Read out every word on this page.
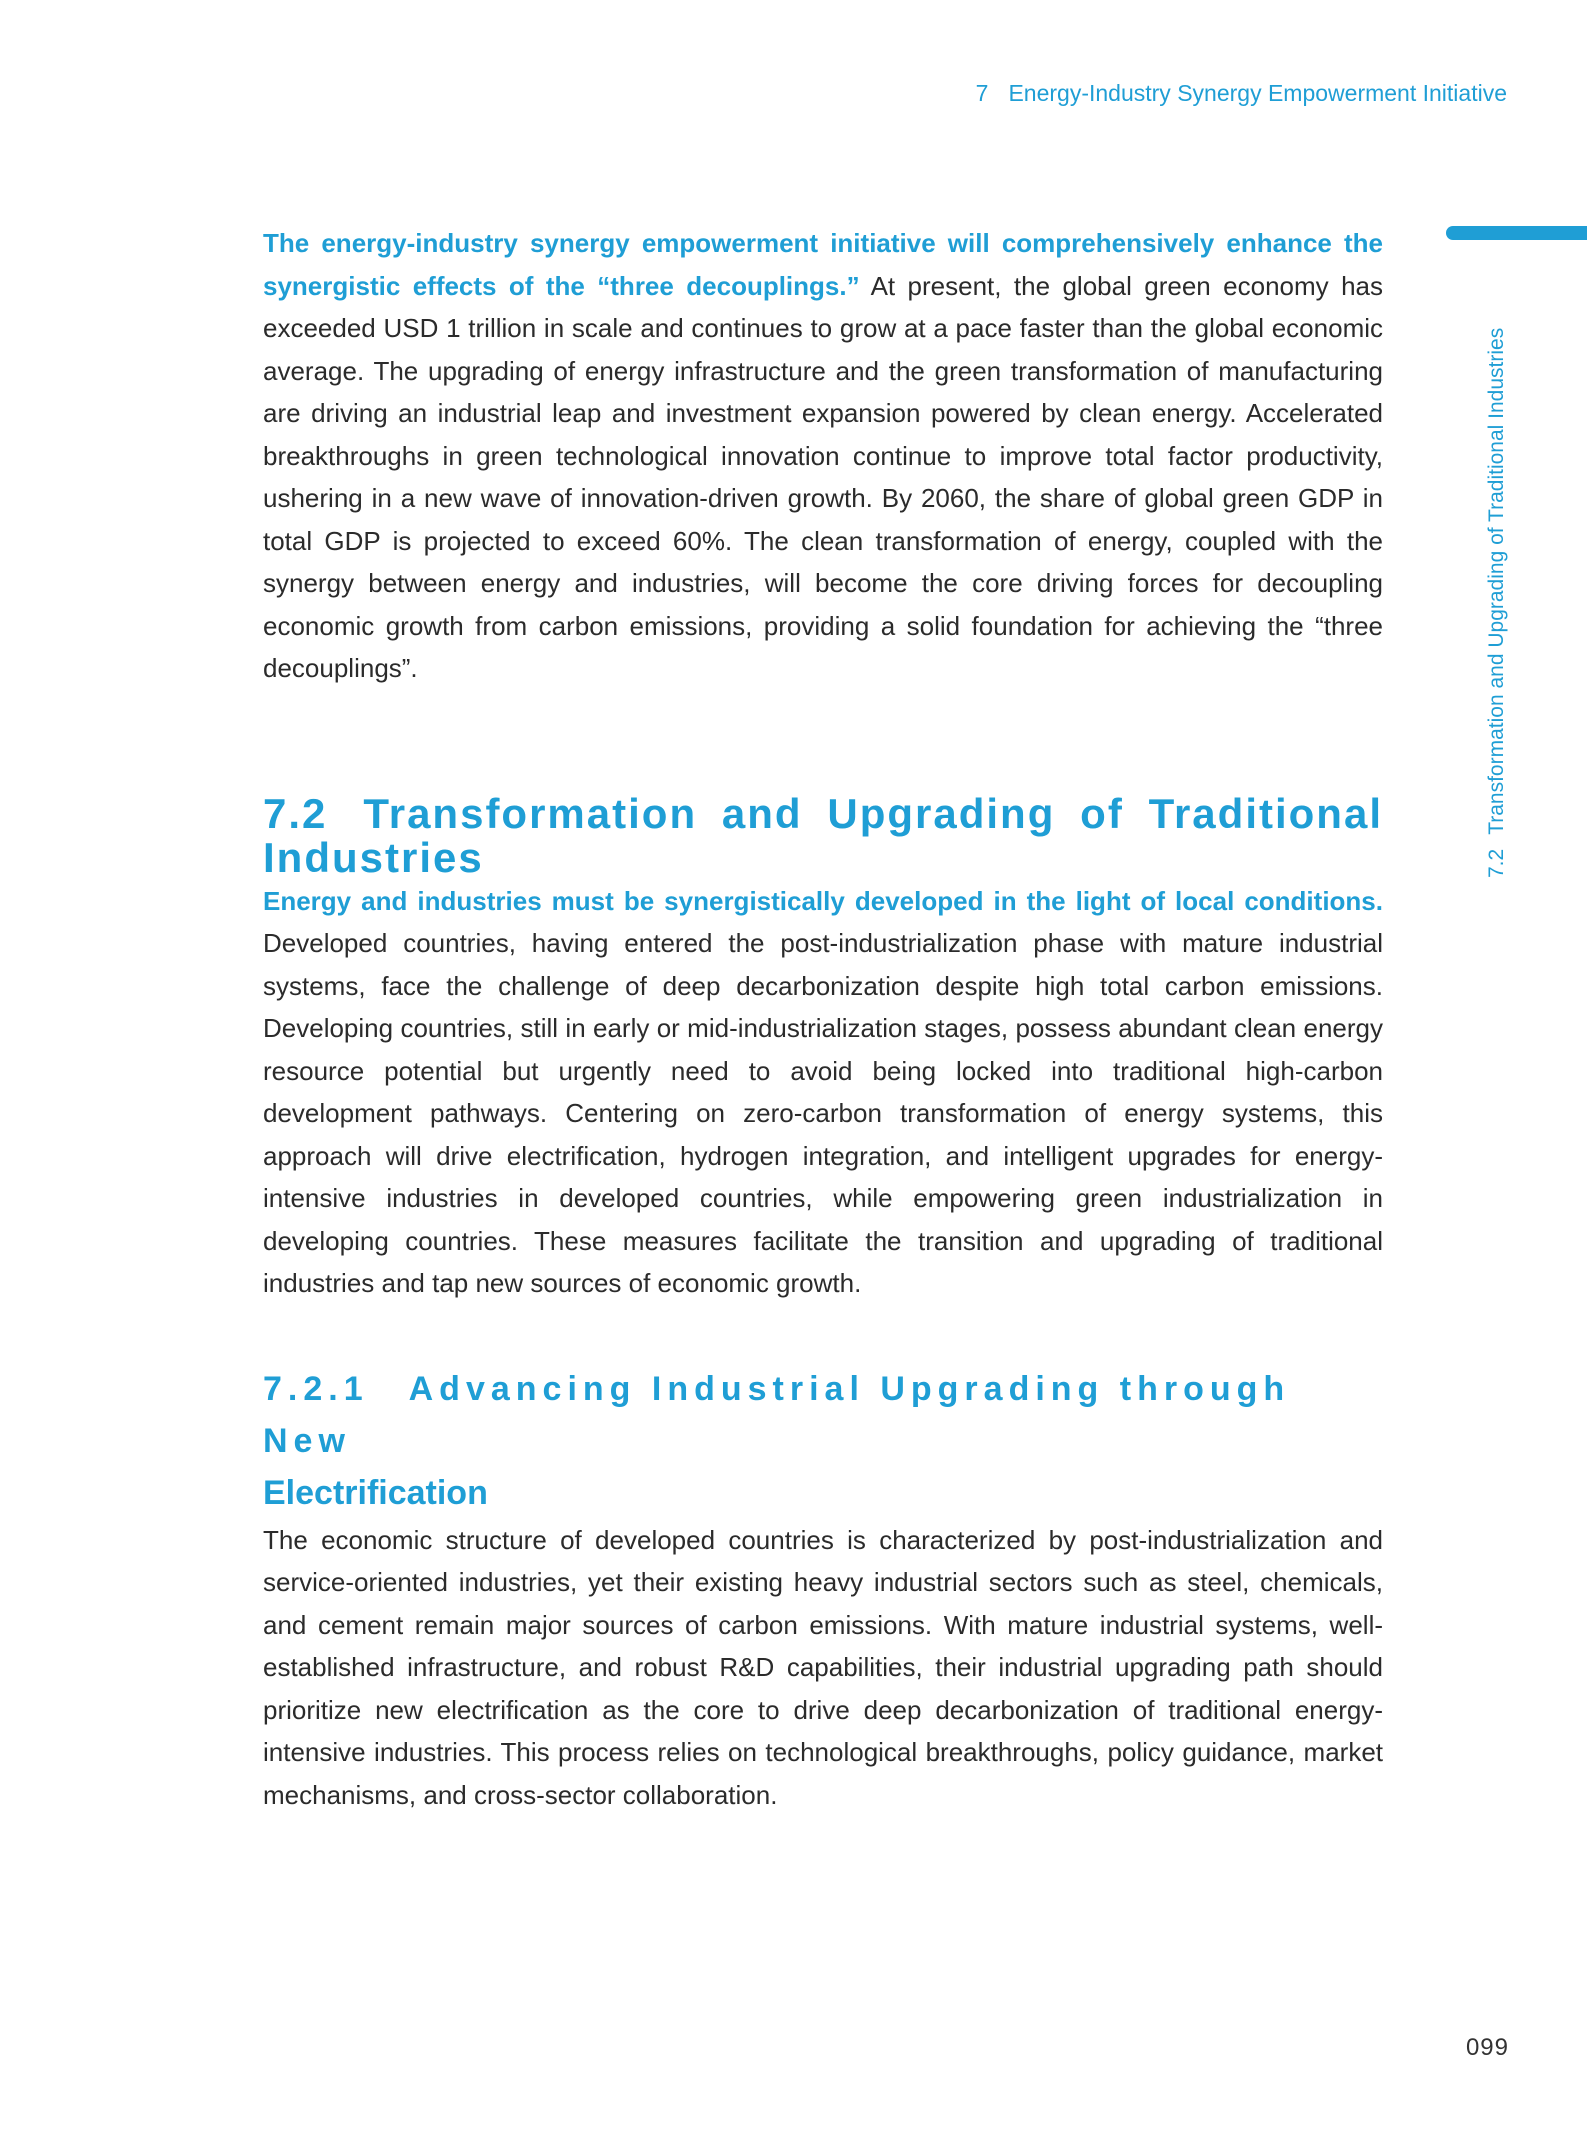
7 Energy-Industry Synergy Empowerment Initiative
7.2Transformation and Upgrading of Traditional Industries

The energy-industry synergy empowerment initiative will comprehensively enhance the synergistic effects of the “three decouplings.” At present, the global green economy has exceeded USD 1 trillion in scale and continues to grow at a pace faster than the global economic average. The upgrading of energy infrastructure and the green transformation of manufacturing are driving an industrial leap and investment expansion powered by clean energy. Accelerated breakthroughs in green technological innovation continue to improve total factor productivity, ushering in a new wave of innovation-driven growth. By 2060, the share of global green GDP in total GDP is projected to exceed 60%. The clean transformation of energy, coupled with the synergy between energy and industries, will become the core driving forces for decoupling economic growth from carbon emissions, providing a solid foundation for achieving the “three decouplings”.

7.2 Transformation and Upgrading of Traditional Industries

Energy and industries must be synergistically developed in the light of local conditions. Developed countries, having entered the post-industrialization phase with mature industrial systems, face the challenge of deep decarbonization despite high total carbon emissions. Developing countries, still in early or mid-industrialization stages, possess abundant clean energy resource potential but urgently need to avoid being locked into traditional high-carbon development pathways. Centering on zero-carbon transformation of energy systems, this approach will drive electrification, hydrogen integration, and intelligent upgrades for energy-intensive industries in developed countries, while empowering green industrialization in developing countries. These measures facilitate the transition and upgrading of traditional industries and tap new sources of economic growth.

7.2.1 Advancing Industrial Upgrading through New
Electrification

The economic structure of developed countries is characterized by post-industrialization and service-oriented industries, yet their existing heavy industrial sectors such as steel, chemicals, and cement remain major sources of carbon emissions. With mature industrial systems, well-established infrastructure, and robust R&D capabilities, their industrial upgrading path should prioritize new electrification as the core to drive deep decarbonization of traditional energy-intensive industries. This process relies on technological breakthroughs, policy guidance, market mechanisms, and cross-sector collaboration.

099
